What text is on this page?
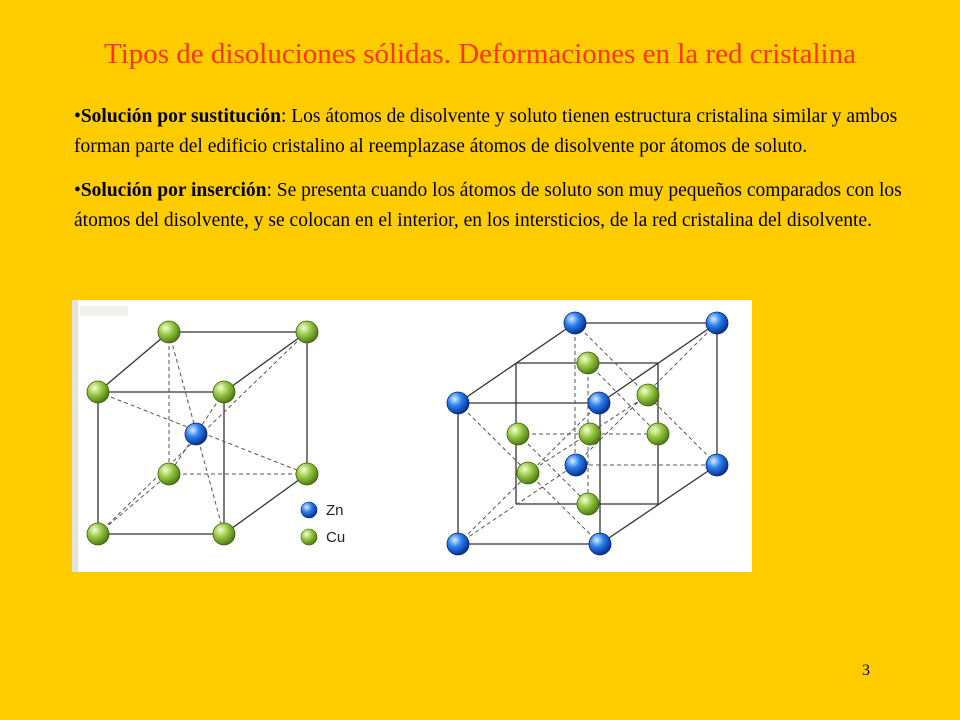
Tipos de disoluciones sólidas. Deformaciones en la red cristalina

•Solución por sustitución: Los átomos de disolvente y soluto tienen estructura cristalina similar y ambos forman parte del edificio cristalino al reemplazase átomos de disolvente por átomos de soluto.

•Solución por inserción: Se presenta cuando los átomos de soluto son muy pequeños comparados con los átomos del disolvente, y se colocan en el interior, en los intersticios, de la red cristalina del disolvente.

Zn
Cu
3
